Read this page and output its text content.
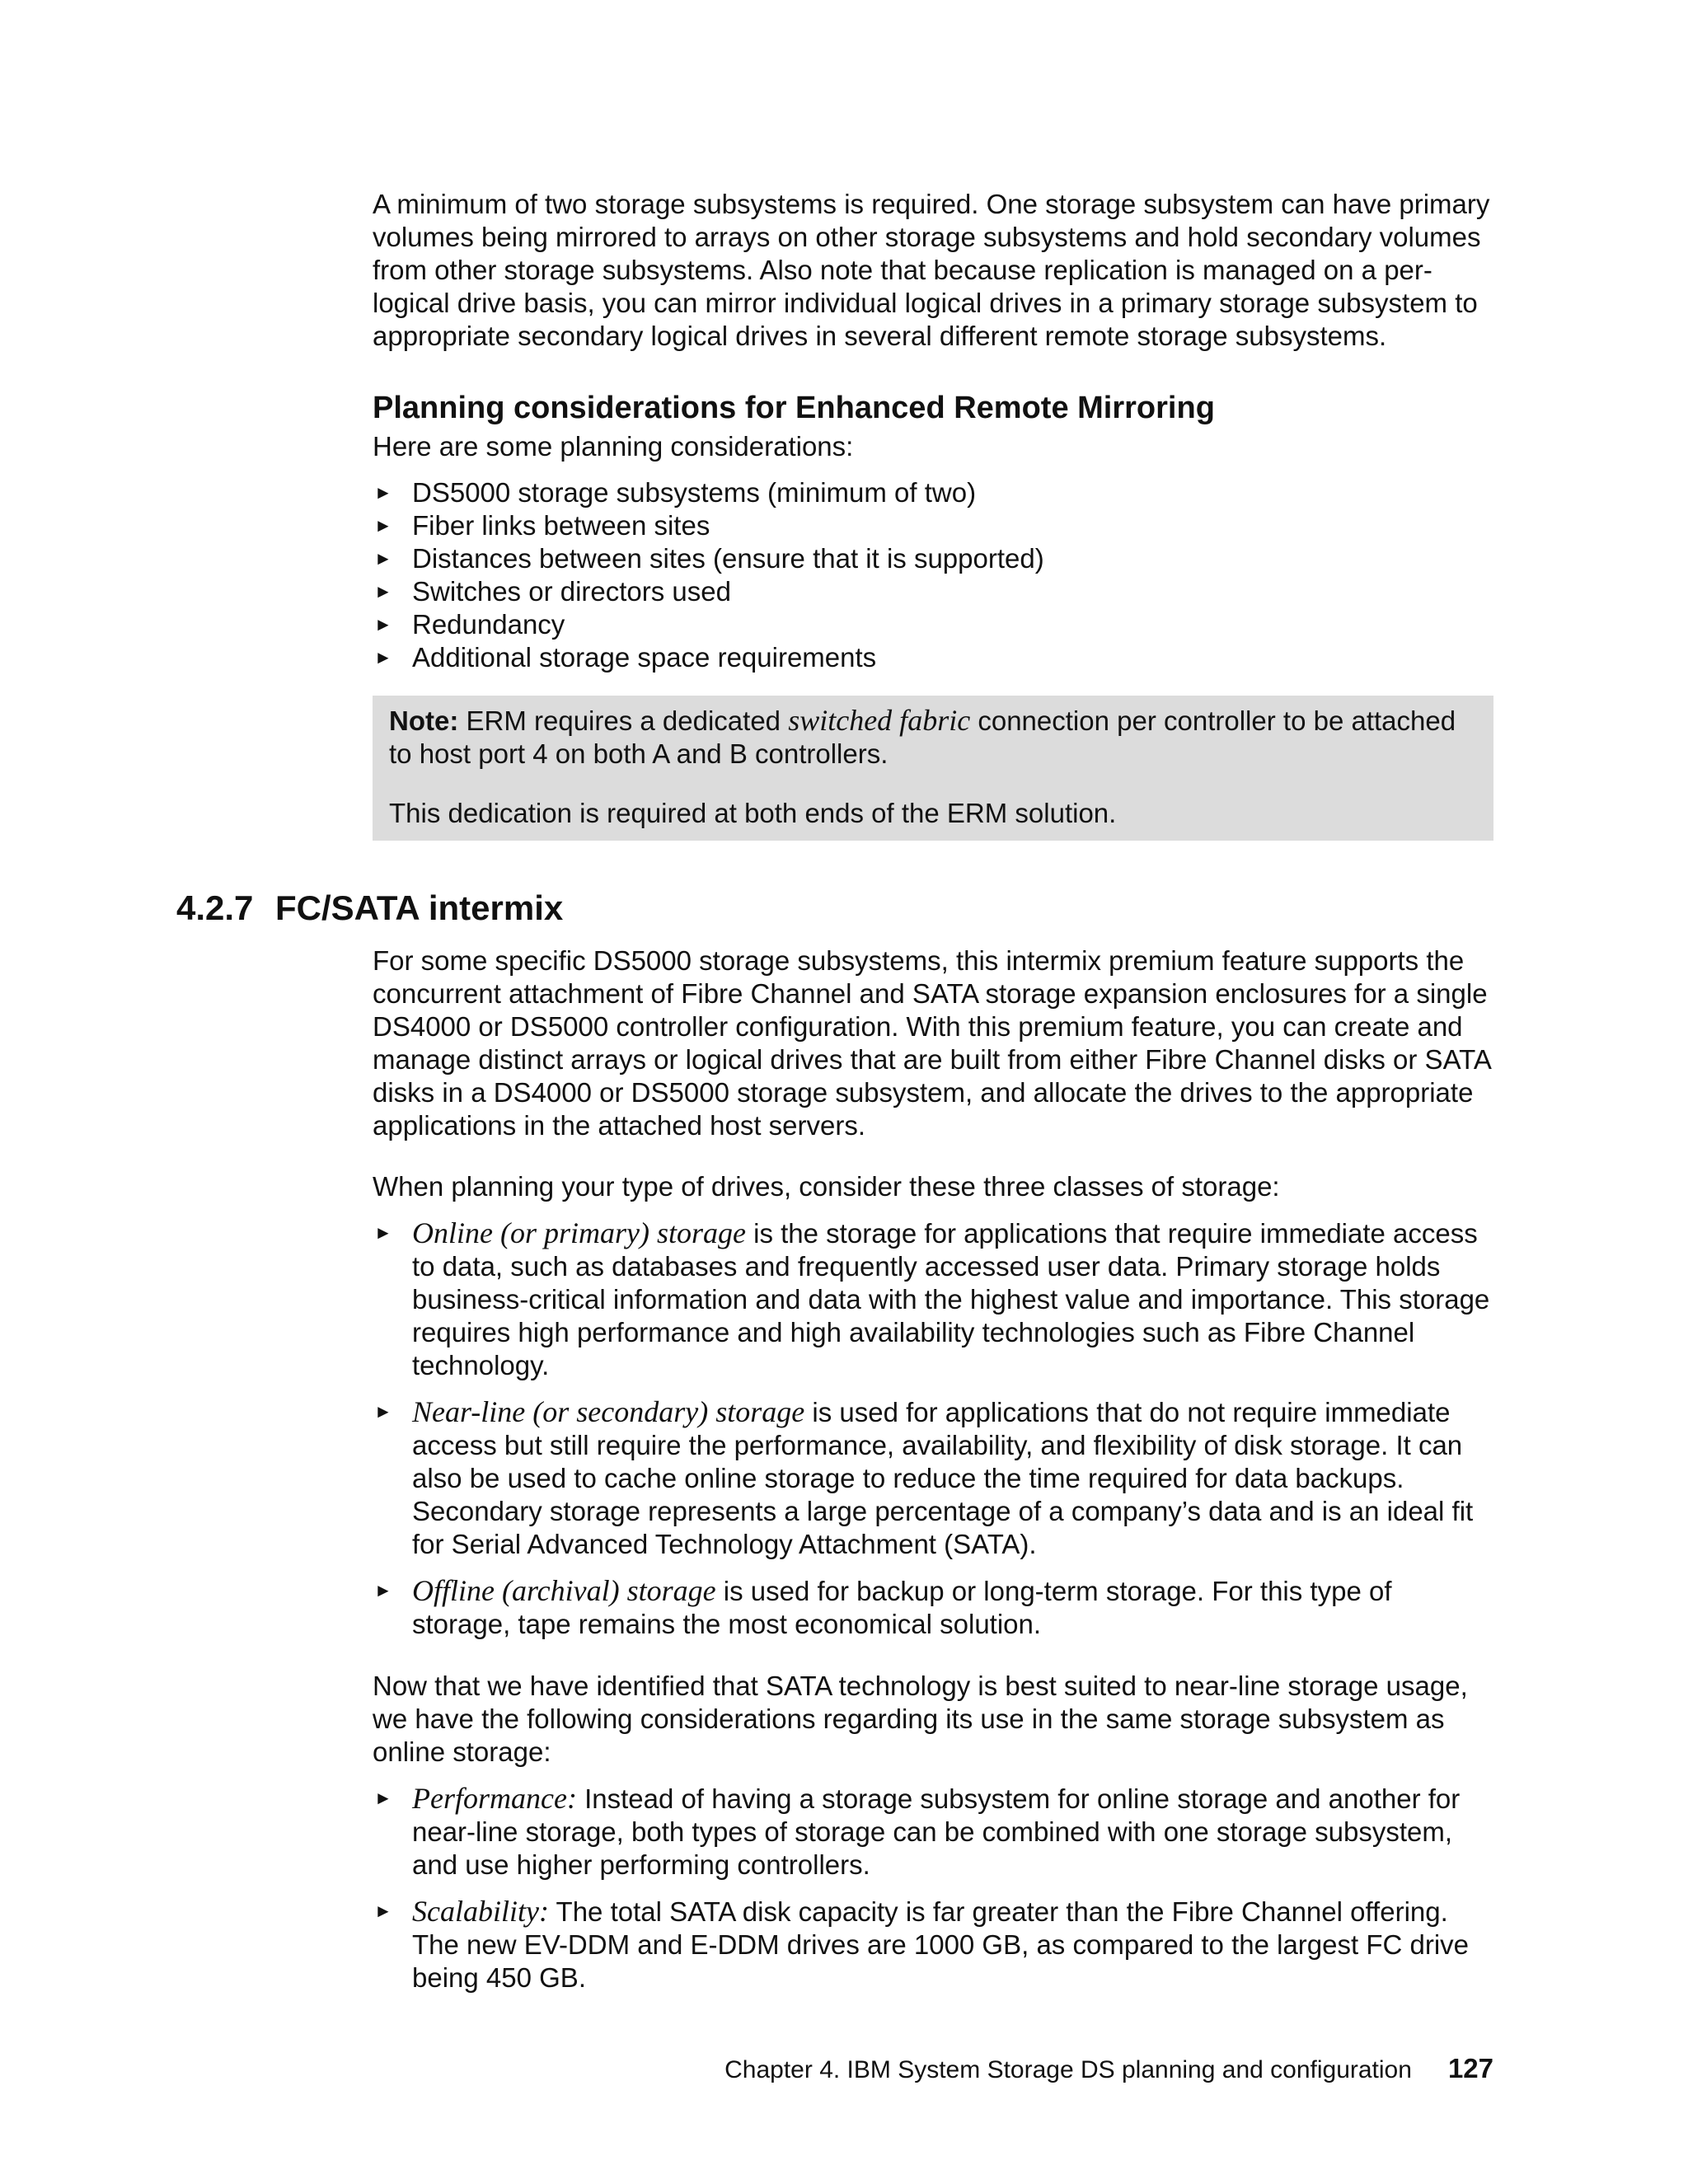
A minimum of two storage subsystems is required. One storage subsystem can have primary volumes being mirrored to arrays on other storage subsystems and hold secondary volumes from other storage subsystems. Also note that because replication is managed on a per-logical drive basis, you can mirror individual logical drives in a primary storage subsystem to appropriate secondary logical drives in several different remote storage subsystems.

Planning considerations for Enhanced Remote Mirroring

Here are some planning considerations:

► DS5000 storage subsystems (minimum of two)
► Fiber links between sites
► Distances between sites (ensure that it is supported)
► Switches or directors used
► Redundancy
► Additional storage space requirements

Note: ERM requires a dedicated switched fabric connection per controller to be attached to host port 4 on both A and B controllers.

This dedication is required at both ends of the ERM solution.

4.2.7 FC/SATA intermix

For some specific DS5000 storage subsystems, this intermix premium feature supports the concurrent attachment of Fibre Channel and SATA storage expansion enclosures for a single DS4000 or DS5000 controller configuration. With this premium feature, you can create and manage distinct arrays or logical drives that are built from either Fibre Channel disks or SATA disks in a DS4000 or DS5000 storage subsystem, and allocate the drives to the appropriate applications in the attached host servers.

When planning your type of drives, consider these three classes of storage:

► Online (or primary) storage is the storage for applications that require immediate access to data, such as databases and frequently accessed user data. Primary storage holds business-critical information and data with the highest value and importance. This storage requires high performance and high availability technologies such as Fibre Channel technology.
► Near-line (or secondary) storage is used for applications that do not require immediate access but still require the performance, availability, and flexibility of disk storage. It can also be used to cache online storage to reduce the time required for data backups. Secondary storage represents a large percentage of a company’s data and is an ideal fit for Serial Advanced Technology Attachment (SATA).
► Offline (archival) storage is used for backup or long-term storage. For this type of storage, tape remains the most economical solution.

Now that we have identified that SATA technology is best suited to near-line storage usage, we have the following considerations regarding its use in the same storage subsystem as online storage:

► Performance: Instead of having a storage subsystem for online storage and another for near-line storage, both types of storage can be combined with one storage subsystem, and use higher performing controllers.
► Scalability: The total SATA disk capacity is far greater than the Fibre Channel offering. The new EV-DDM and E-DDM drives are 1000 GB, as compared to the largest FC drive being 450 GB.
Chapter 4. IBM System Storage DS planning and configuration 127
